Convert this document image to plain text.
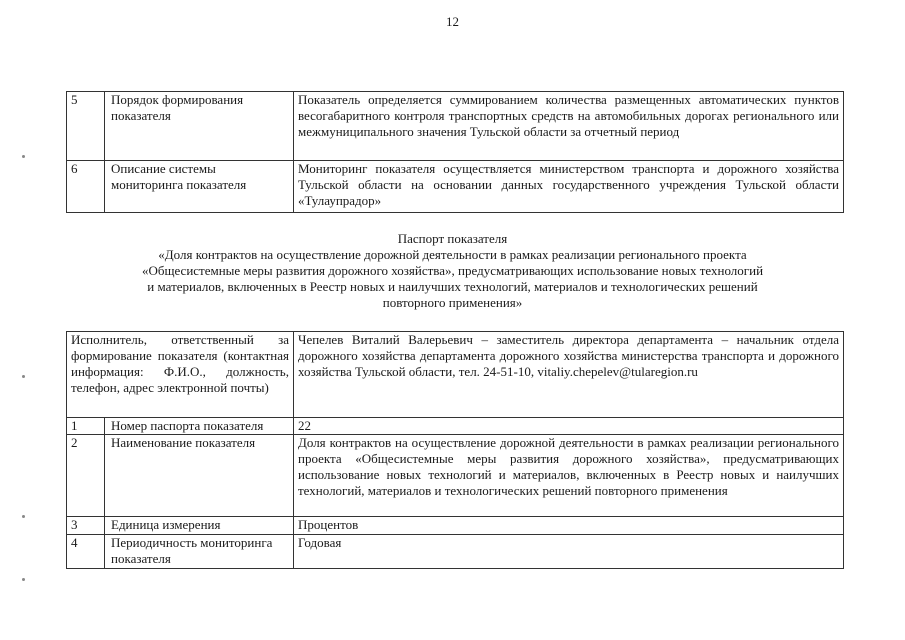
12
5	Порядок формирования показателя	Показатель определяется суммированием количества размещенных автоматических пунктов весогабаритного контроля транспортных средств на автомобильных дорогах регионального или межмуниципального значения Тульской области за отчетный период
6	Описание системы мониторинга показателя	Мониторинг показателя осуществляется министерством транспорта и дорожного хозяйства Тульской области на основании данных государственного учреждения Тульской области «Тулаупрадор»
Паспорт показателя
«Доля контрактов на осуществление дорожной деятельности в рамках реализации регионального проекта
«Общесистемные меры развития дорожного хозяйства», предусматривающих использование новых технологий
и материалов, включенных в Реестр новых и наилучших технологий, материалов и технологических решений
повторного применения»
Исполнитель, ответственный за формирование показателя (контактная информация: Ф.И.О., должность, телефон, адрес электронной почты)		Чепелев Виталий Валерьевич – заместитель директора департамента – начальник отдела дорожного хозяйства департамента дорожного хозяйства министерства транспорта и дорожного хозяйства Тульской области, тел. 24-51-10, vitaliy.chepelev@tularegion.ru
1	Номер паспорта показателя	22
2	Наименование показателя	Доля контрактов на осуществление дорожной деятельности в рамках реализации регионального проекта «Общесистемные меры развития дорожного хозяйства», предусматривающих использование новых технологий и материалов, включенных в Реестр новых и наилучших технологий, материалов и технологических решений повторного применения
3	Единица измерения	Процентов
4	Периодичность мониторинга показателя	Годовая
